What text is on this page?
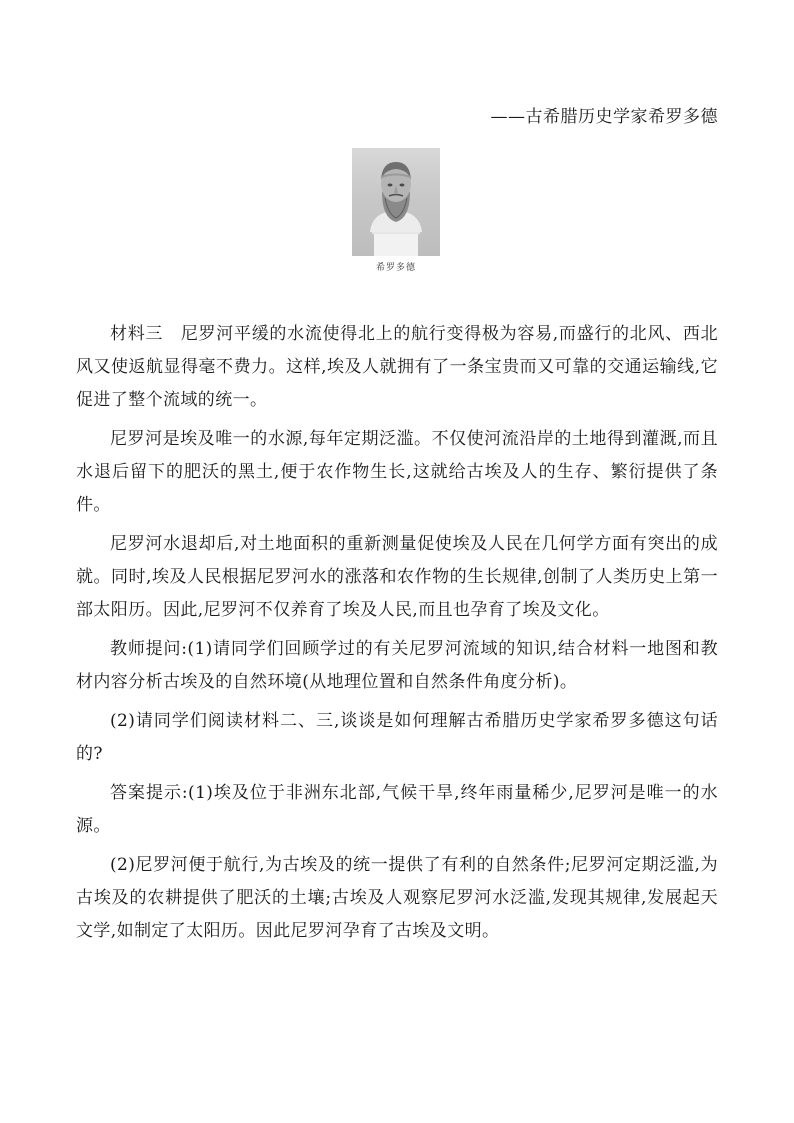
——古希腊历史学家希罗多德
希罗多德

材料三　尼罗河平缓的水流使得北上的航行变得极为容易,而盛行的北风、西北风又使返航显得毫不费力。这样,埃及人就拥有了一条宝贵而又可靠的交通运输线,它促进了整个流域的统一。

尼罗河是埃及唯一的水源,每年定期泛滥。不仅使河流沿岸的土地得到灌溉,而且水退后留下的肥沃的黑土,便于农作物生长,这就给古埃及人的生存、繁衍提供了条件。

尼罗河水退却后,对土地面积的重新测量促使埃及人民在几何学方面有突出的成就。同时,埃及人民根据尼罗河水的涨落和农作物的生长规律,创制了人类历史上第一部太阳历。因此,尼罗河不仅养育了埃及人民,而且也孕育了埃及文化。

教师提问:(1)请同学们回顾学过的有关尼罗河流域的知识,结合材料一地图和教材内容分析古埃及的自然环境(从地理位置和自然条件角度分析)。

(2)请同学们阅读材料二、三,谈谈是如何理解古希腊历史学家希罗多德这句话的?

答案提示:(1)埃及位于非洲东北部,气候干旱,终年雨量稀少,尼罗河是唯一的水源。

(2)尼罗河便于航行,为古埃及的统一提供了有利的自然条件;尼罗河定期泛滥,为古埃及的农耕提供了肥沃的土壤;古埃及人观察尼罗河水泛滥,发现其规律,发展起天文学,如制定了太阳历。因此尼罗河孕育了古埃及文明。
